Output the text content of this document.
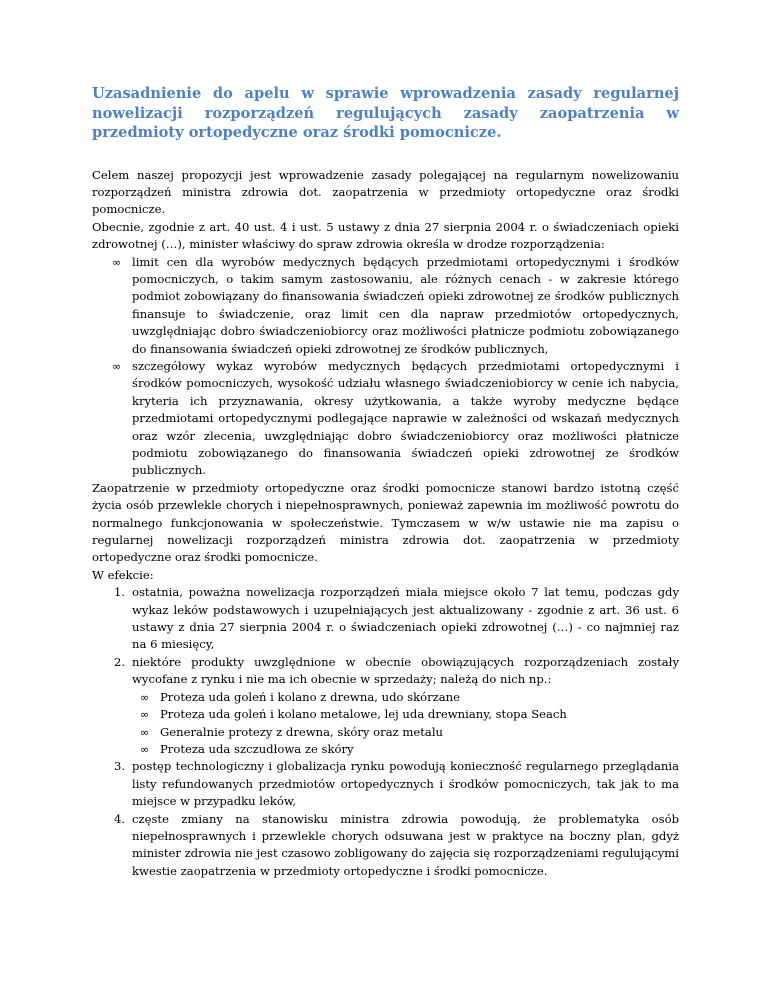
Uzasadnienie do apelu w sprawie wprowadzenia zasady regularnej nowelizacji rozporządzeń regulujących zasady zaopatrzenia w przedmioty ortopedyczne oraz środki pomocnicze.

Celem naszej propozycji jest wprowadzenie zasady polegającej na regularnym nowelizowaniu rozporządzeń ministra zdrowia dot. zaopatrzenia w przedmioty ortopedyczne oraz środki pomocnicze.

Obecnie, zgodnie z art. 40 ust. 4 i ust. 5 ustawy z dnia 27 sierpnia 2004 r. o świadczeniach opieki zdrowotnej (…), minister właściwy do spraw zdrowia określa w drodze rozporządzenia:

∞ limit cen dla wyrobów medycznych będących przedmiotami ortopedycznymi i środków pomocniczych, o takim samym zastosowaniu, ale różnych cenach - w zakresie którego podmiot zobowiązany do finansowania świadczeń opieki zdrowotnej ze środków publicznych finansuje to świadczenie, oraz limit cen dla napraw przedmiotów ortopedycznych, uwzględniając dobro świadczeniobiorcy oraz możliwości płatnicze podmiotu zobowiązanego do finansowania świadczeń opieki zdrowotnej ze środków publicznych,
∞ szczegółowy wykaz wyrobów medycznych będących przedmiotami ortopedycznymi i środków pomocniczych, wysokość udziału własnego świadczeniobiorcy w cenie ich nabycia, kryteria ich przyznawania, okresy użytkowania, a także wyroby medyczne będące przedmiotami ortopedycznymi podlegające naprawie w zależności od wskazań medycznych oraz wzór zlecenia, uwzględniając dobro świadczeniobiorcy oraz możliwości płatnicze podmiotu zobowiązanego do finansowania świadczeń opieki zdrowotnej ze środków publicznych.

Zaopatrzenie w przedmioty ortopedyczne oraz środki pomocnicze stanowi bardzo istotną część życia osób przewlekle chorych i niepełnosprawnych, ponieważ zapewnia im możliwość powrotu do normalnego funkcjonowania w społeczeństwie. Tymczasem w w/w ustawie nie ma zapisu o regularnej nowelizacji rozporządzeń ministra zdrowia dot. zaopatrzenia w przedmioty ortopedyczne oraz środki pomocnicze.

W efekcie:

1. ostatnia, poważna nowelizacja rozporządzeń miała miejsce około 7 lat temu, podczas gdy wykaz leków podstawowych i uzupełniających jest aktualizowany - zgodnie z art. 36 ust. 6 ustawy z dnia 27 sierpnia 2004 r. o świadczeniach opieki zdrowotnej (…) - co najmniej raz na 6 miesięcy,
2. niektóre produkty uwzględnione w obecnie obowiązujących rozporządzeniach zostały wycofane z rynku i nie ma ich obecnie w sprzedaży; należą do nich np.:
∞ Proteza uda goleń i kolano z drewna, udo skórzane
∞ Proteza uda goleń i kolano metalowe, lej uda drewniany, stopa Seach
∞ Generalnie protezy z drewna, skóry oraz metalu
∞ Proteza uda szczudłowa ze skóry
3. postęp technologiczny i globalizacja rynku powodują konieczność regularnego przeglądania listy refundowanych przedmiotów ortopedycznych i środków pomocniczych, tak jak to ma miejsce w przypadku leków,
4. częste zmiany na stanowisku ministra zdrowia powodują, że problematyka osób niepełnosprawnych i przewlekle chorych odsuwana jest w praktyce na boczny plan, gdyż minister zdrowia nie jest czasowo zobligowany do zajęcia się rozporządzeniami regulującymi kwestie zaopatrzenia w przedmioty ortopedyczne i środki pomocnicze.
